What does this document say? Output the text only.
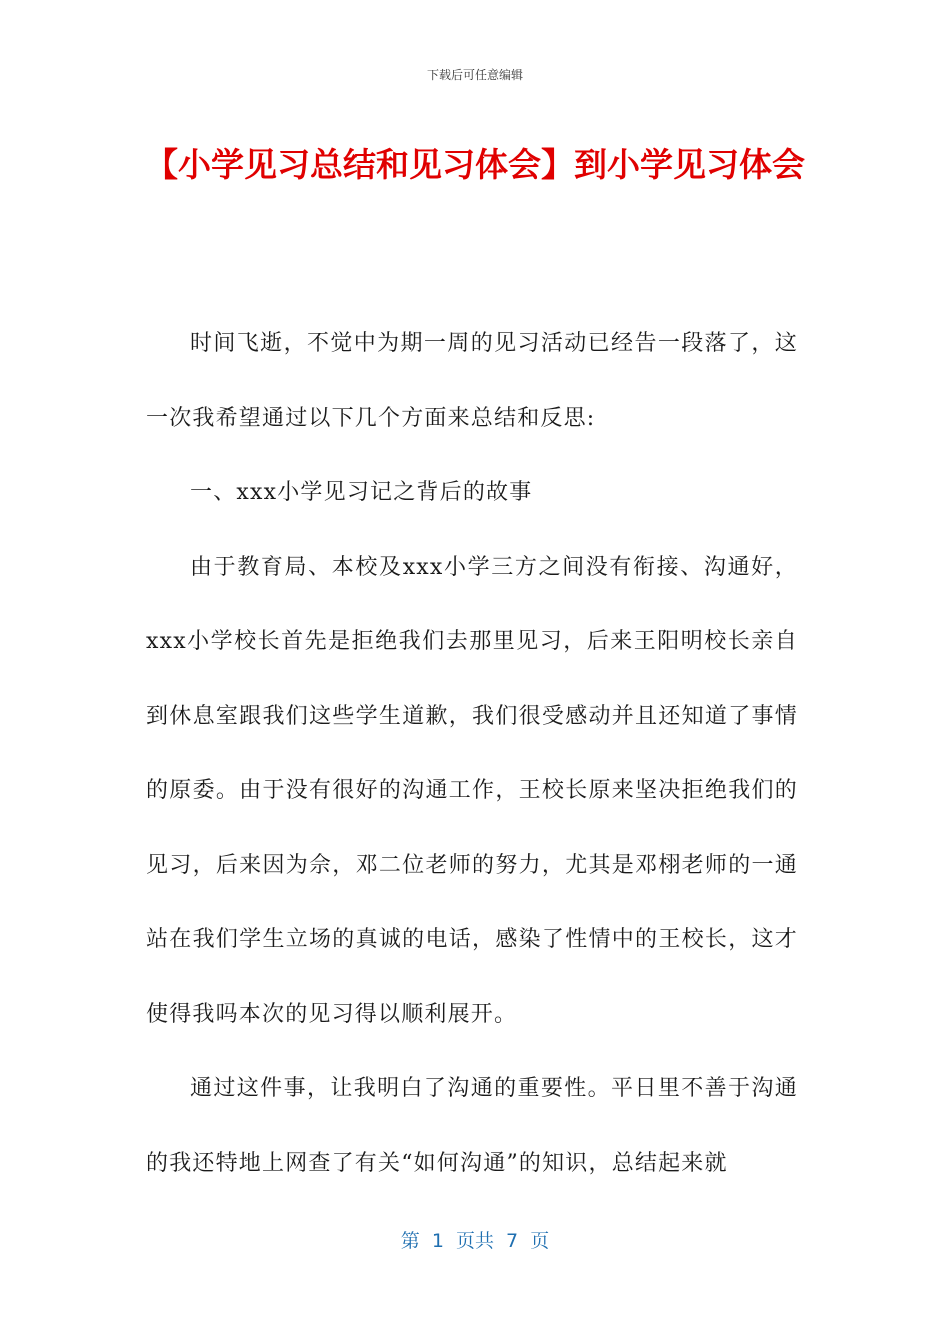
下载后可任意编辑
【小学见习总结和见习体会】到小学见习体会

时间飞逝，不觉中为期一周的见习活动已经告一段落了，这一次我希望通过以下几个方面来总结和反思:

一、xxx小学见习记之背后的故事

由于教育局、本校及xxx小学三方之间没有衔接、沟通好，xxx小学校长首先是拒绝我们去那里见习，后来王阳明校长亲自到休息室跟我们这些学生道歉，我们很受感动并且还知道了事情的原委。由于没有很好的沟通工作，王校长原来坚决拒绝我们的见习，后来因为佘，邓二位老师的努力，尤其是邓栩老师的一通站在我们学生立场的真诚的电话，感染了性情中的王校长，这才使得我吗本次的见习得以顺利展开。

通过这件事，让我明白了沟通的重要性。平日里不善于沟通的我还特地上网查了有关“如何沟通”的知识，总结起来就

第 1 页共 7 页
